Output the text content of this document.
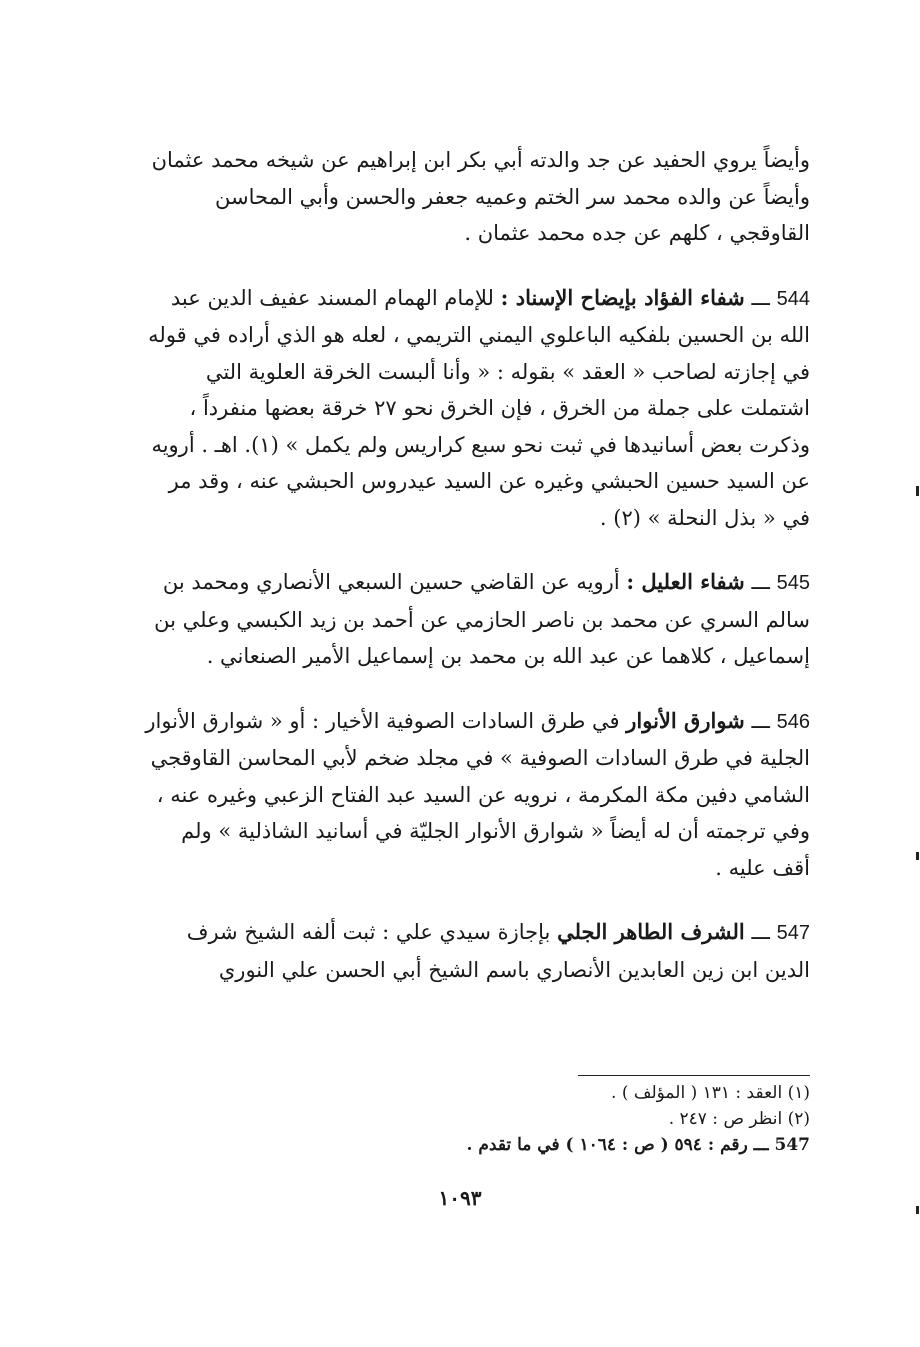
وأيضاً يروي الحفيد عن جد والدته أبي بكر ابن إبراهيم عن شيخه محمد عثمان وأيضاً عن والده محمد سر الختم وعميه جعفر والحسن وأبي المحاسن القاوقجي ، كلهم عن جده محمد عثمان .

544 ـــ شفاء الفؤاد بإيضاح الإسناد : للإمام الهمام المسند عفيف الدين عبد الله بن الحسين بلفكيه الباعلوي اليمني التريمي ، لعله هو الذي أراده في قوله في إجازته لصاحب « العقد » بقوله : « وأنا ألبست الخرقة العلوية التي اشتملت على جملة من الخرق ، فإن الخرق نحو ٢٧ خرقة بعضها منفرداً ، وذكرت بعض أسانيدها في ثبت نحو سبع كراريس ولم يكمل » (١). اهـ . أرويه عن السيد حسين الحبشي وغيره عن السيد عيدروس الحبشي عنه ، وقد مر في « بذل النحلة » (٢) .

545 ـــ شفاء العليل : أرويه عن القاضي حسين السبعي الأنصاري ومحمد بن سالم السري عن محمد بن ناصر الحازمي عن أحمد بن زيد الكبسي وعلي بن إسماعيل ، كلاهما عن عبد الله بن محمد بن إسماعيل الأمير الصنعاني .

546 ـــ شوارق الأنوار في طرق السادات الصوفية الأخيار : أو « شوارق الأنوار الجلية في طرق السادات الصوفية » في مجلد ضخم لأبي المحاسن القاوقجي الشامي دفين مكة المكرمة ، نرويه عن السيد عبد الفتاح الزعبي وغيره عنه ، وفي ترجمته أن له أيضاً « شوارق الأنوار الجليّة في أسانيد الشاذلية » ولم أقف عليه .

547 ـــ الشرف الطاهر الجلي بإجازة سيدي علي : ثبت ألفه الشيخ شرف الدين ابن زين العابدين الأنصاري باسم الشيخ أبي الحسن علي النوري

(١) العقد : ١٣١ ( المؤلف ) .

(٢) انظر ص : ٢٤٧ .

547 ـــ رقم : ٥٩٤ ( ص : ١٠٦٤ ) في ما تقدم .

١٠٩٣
